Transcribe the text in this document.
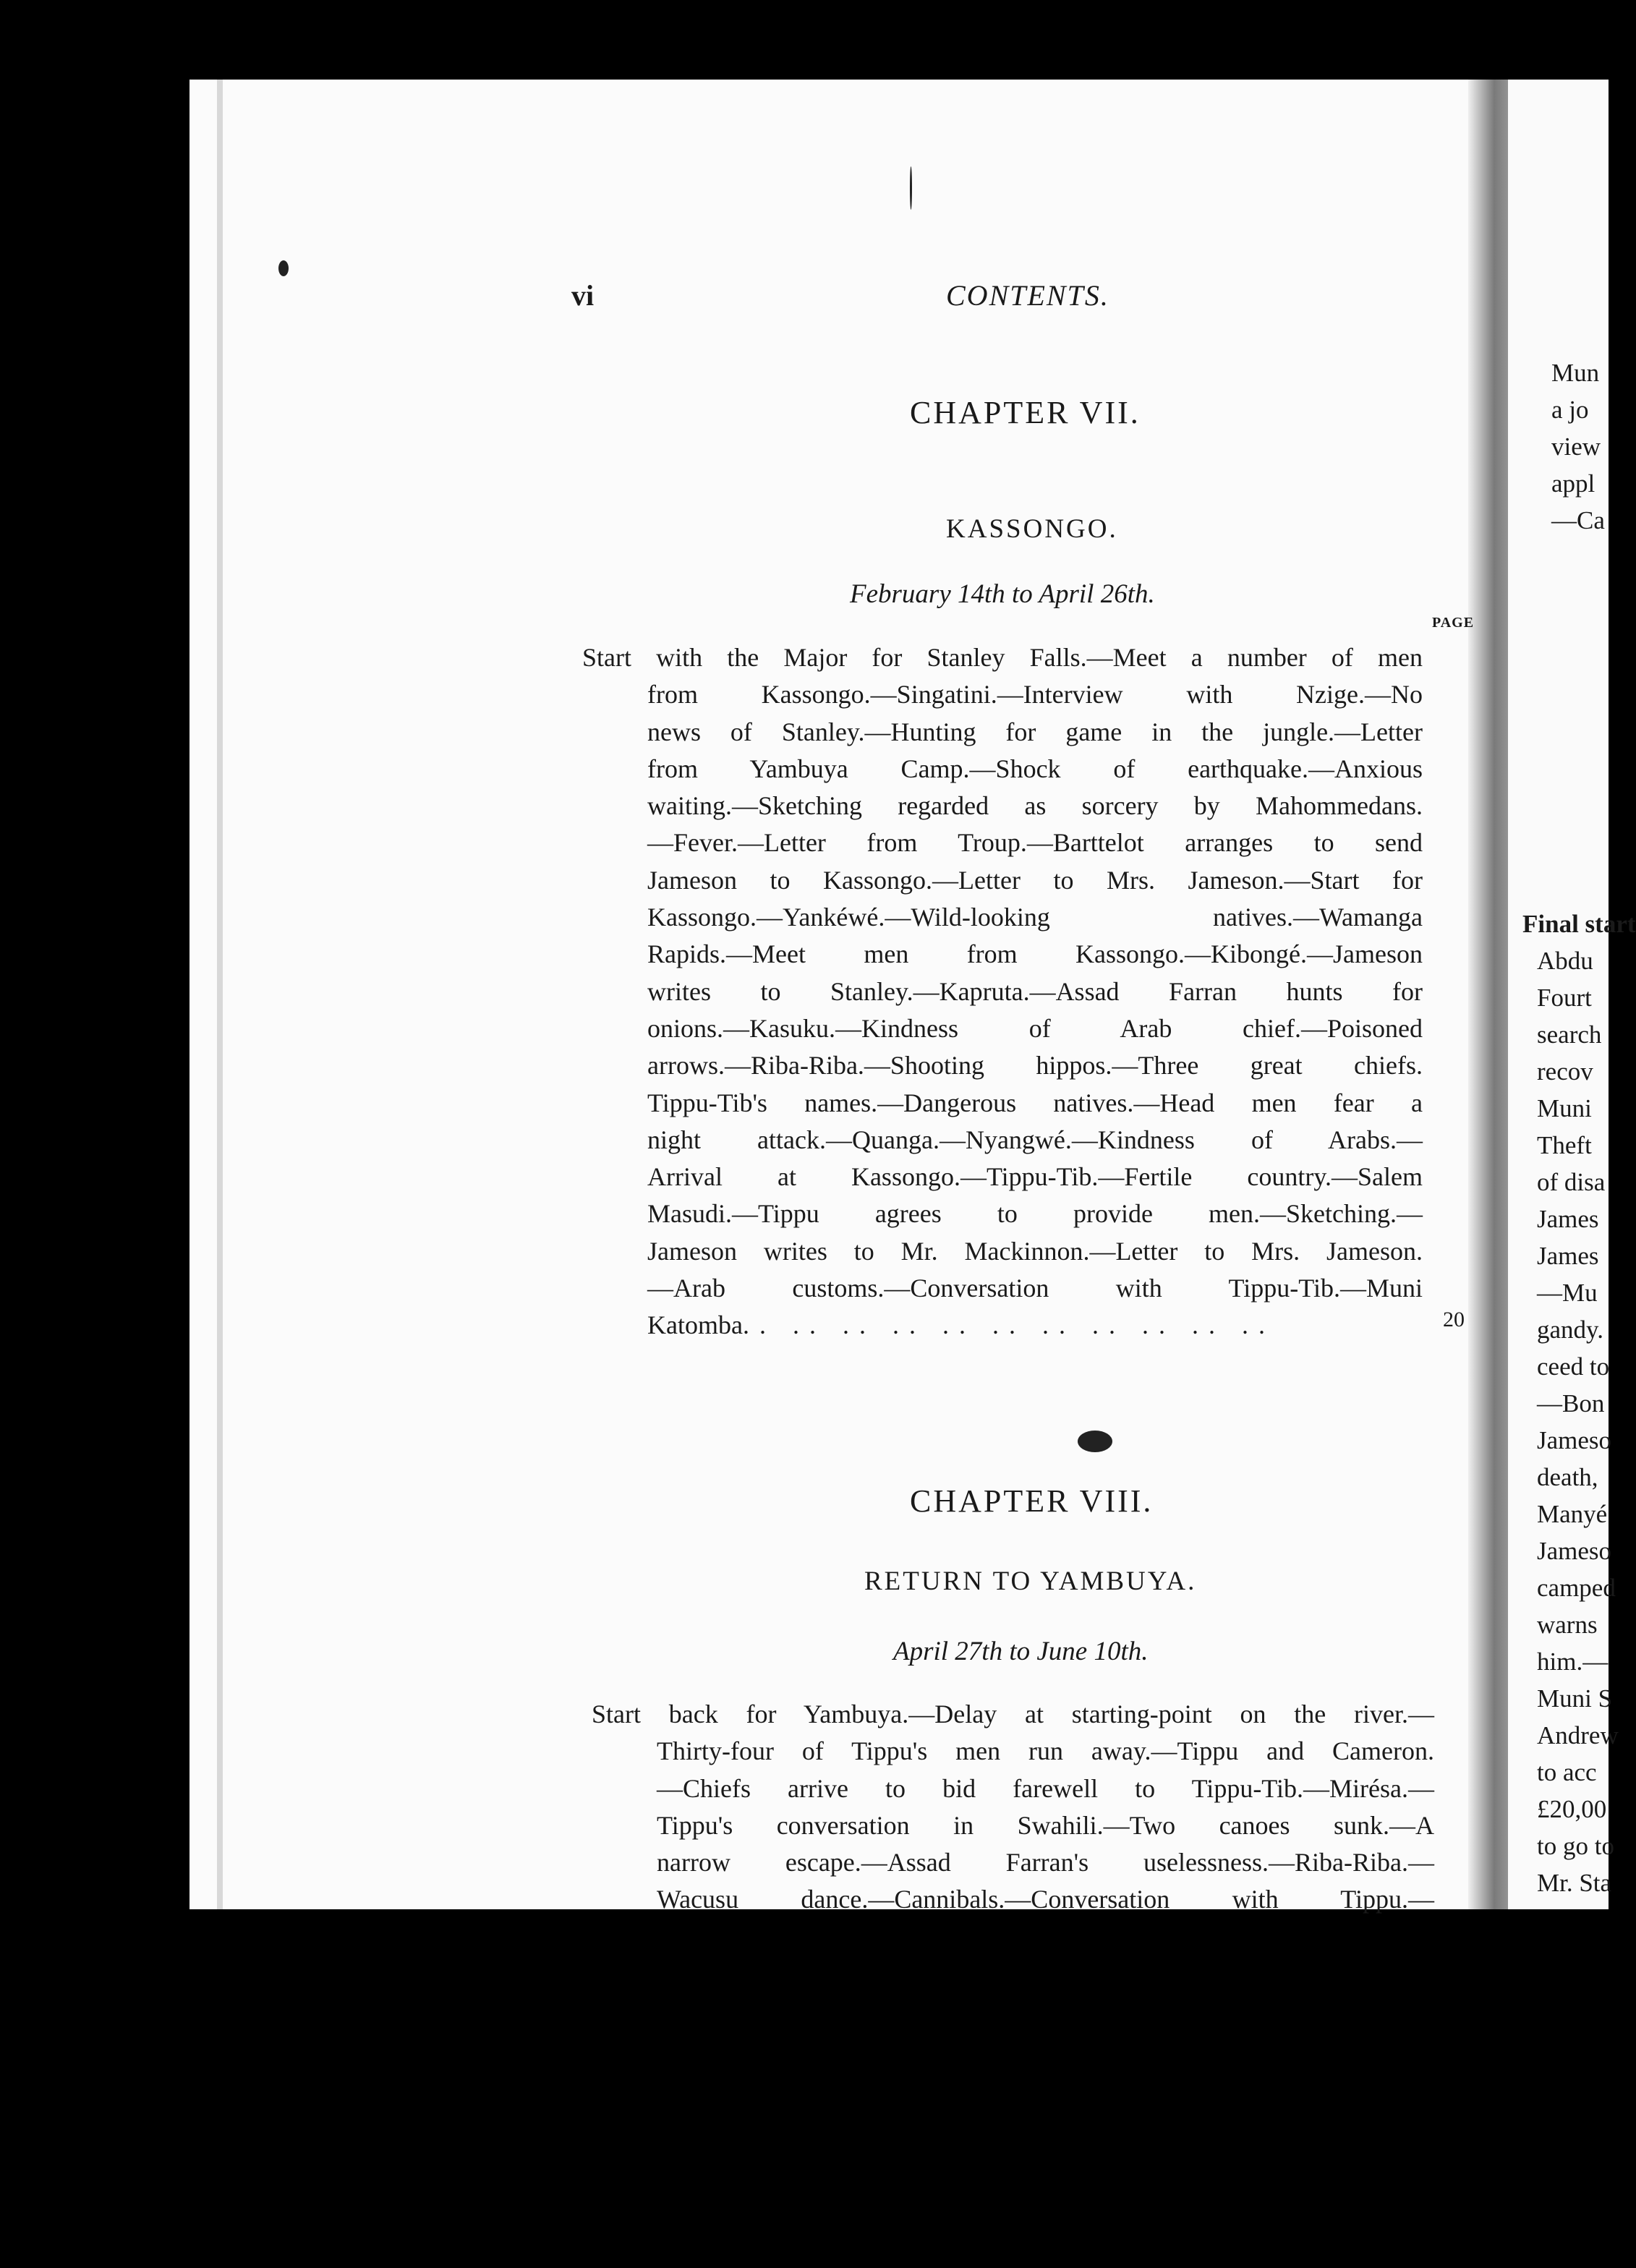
Mun
a jo
view
appl
—Ca
Final start
Abdu
Fourt
search
recov
Muni
Theft
of disa
James
James
—Mu
gandy.
ceed to
—Bon
Jameso
death,
Manyé
Jameso
camped
warns
him.—
Muni S
Andrew
to acc
£20,00
to go to
Mr. Sta
vi	CONTENTS.
PAGE
CHAPTER VII.
KASSONGO.
February 14th to April 26th.
Start with the Major for Stanley Falls.—Meet a number of men
from Kassongo.—Singatini.—Interview with Nzige.—No
news of Stanley.—Hunting for game in the jungle.—Letter
from Yambuya Camp.—Shock of earthquake.—Anxious
waiting.—Sketching regarded as sorcery by Mahommedans.
—Fever.—Letter from Troup.—Barttelot arranges to send
Jameson to Kassongo.—Letter to Mrs. Jameson.—Start for
Kassongo.—Yankéwé.—Wild-looking natives.—Wamanga
Rapids.—Meet men from Kassongo.—Kibongé.—Jameson
writes to Stanley.—Kapruta.—Assad Farran hunts for
onions.—Kasuku.—Kindness of Arab chief.—Poisoned
arrows.—Riba-Riba.—Shooting hippos.—Three great chiefs.
Tippu-Tib's names.—Dangerous natives.—Head men fear a
night attack.—Quanga.—Nyangwé.—Kindness of Arabs.—
Arrival at Kassongo.—Tippu-Tib.—Fertile country.—Salem
Masudi.—Tippu agrees to provide men.—Sketching.—
Jameson writes to Mr. Mackinnon.—Letter to Mrs. Jameson.
—Arab customs.—Conversation with Tippu-Tib.—Muni
Katomba.. .. .. .. .. .. .. .. .. .. ..	20
CHAPTER VIII.
RETURN TO YAMBUYA.
April 27th to June 10th.
Start back for Yambuya.—Delay at starting-point on the river.—
Thirty-four of Tippu's men run away.—Tippu and Cameron.
—Chiefs arrive to bid farewell to Tippu-Tib.—Mirésa.—
Tippu's conversation in Swahili.—Two canoes sunk.—A
narrow escape.—Assad Farran's uselessness.—Riba-Riba.—
Wacusu dance.—Cannibals.—Conversation with Tippu.—
